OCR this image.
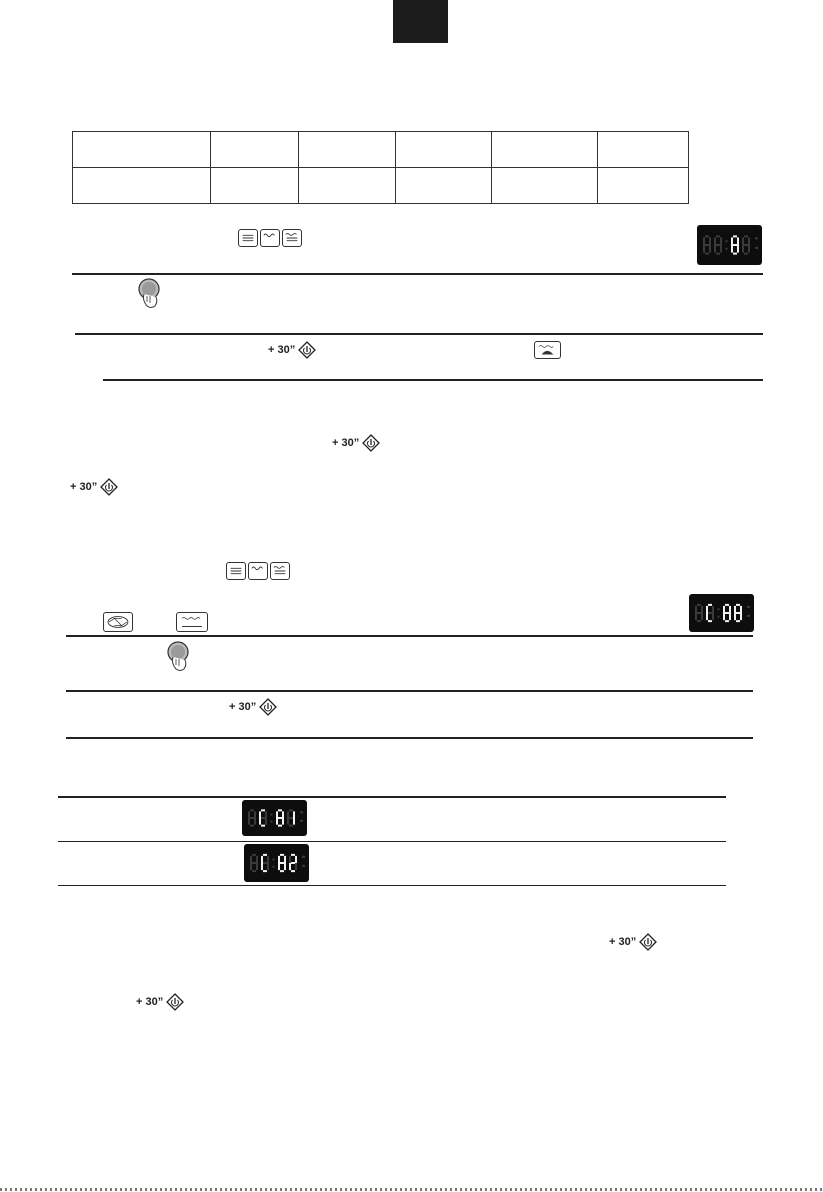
+ 30”
+ 30”
+ 30”
+ 30”
+ 30”
+ 30”
